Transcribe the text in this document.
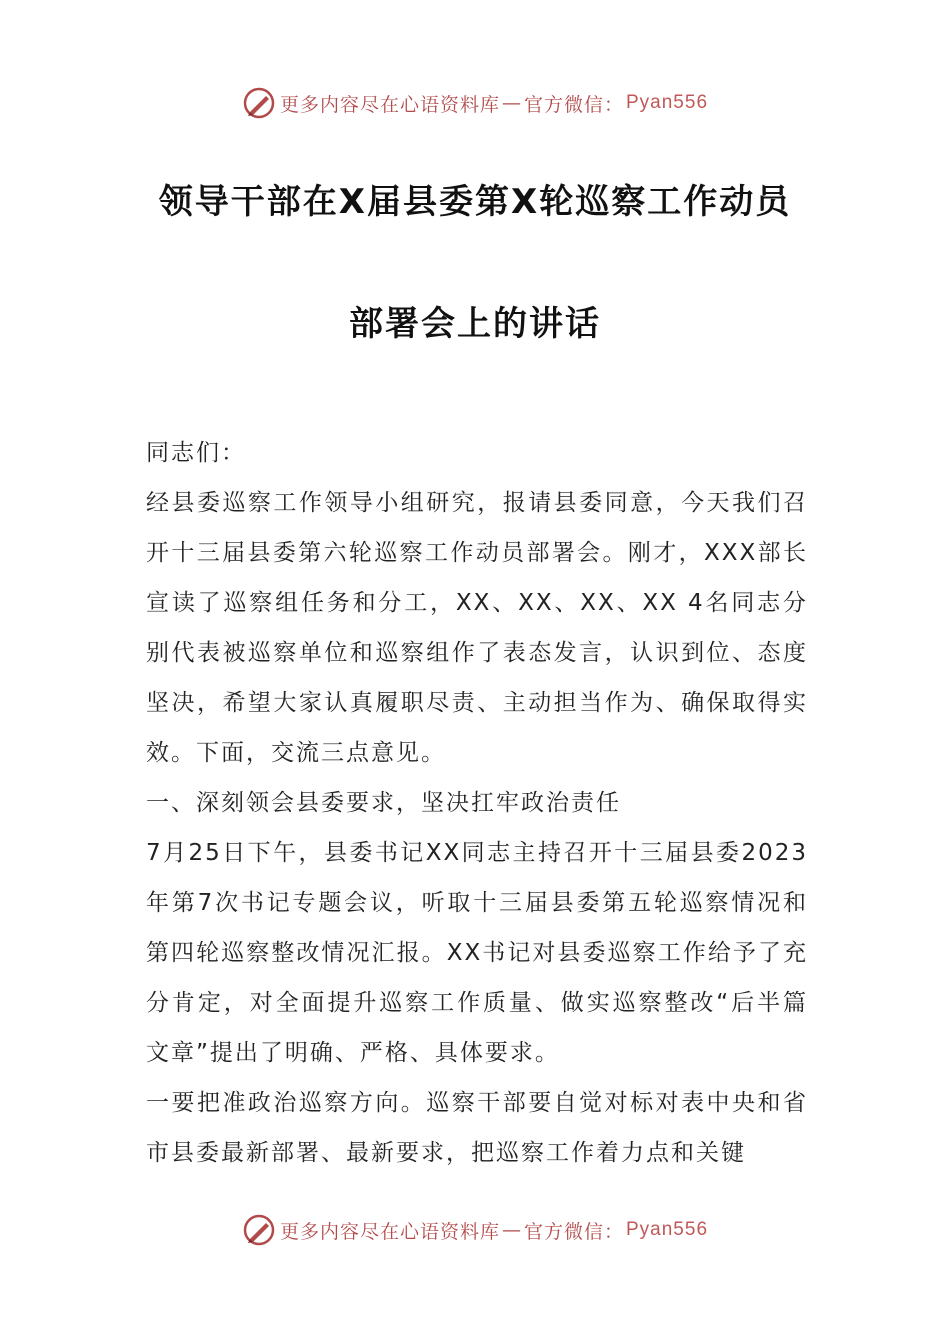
更多内容尽在心语资料库 — 官方微信： Pyan556
领导干部在X届县委第X轮巡察工作动员
部署会上的讲话

同志们：

经县委巡察工作领导小组研究，报请县委同意，今天我们召开十三届县委第六轮巡察工作动员部署会。刚才，XXX部长宣读了巡察组任务和分工，XX、XX、XX、XX 4名同志分别代表被巡察单位和巡察组作了表态发言，认识到位、态度坚决，希望大家认真履职尽责、主动担当作为、确保取得实效。下面，交流三点意见。

一、深刻领会县委要求，坚决扛牢政治责任

7月25日下午，县委书记XX同志主持召开十三届县委2023年第7次书记专题会议，听取十三届县委第五轮巡察情况和第四轮巡察整改情况汇报。XX书记对县委巡察工作给予了充分肯定，对全面提升巡察工作质量、做实巡察整改“后半篇文章”提出了明确、严格、具体要求。

一要把准政治巡察方向。巡察干部要自觉对标对表中央和省市县委最新部署、最新要求，把巡察工作着力点和关键

更多内容尽在心语资料库 — 官方微信： Pyan556
